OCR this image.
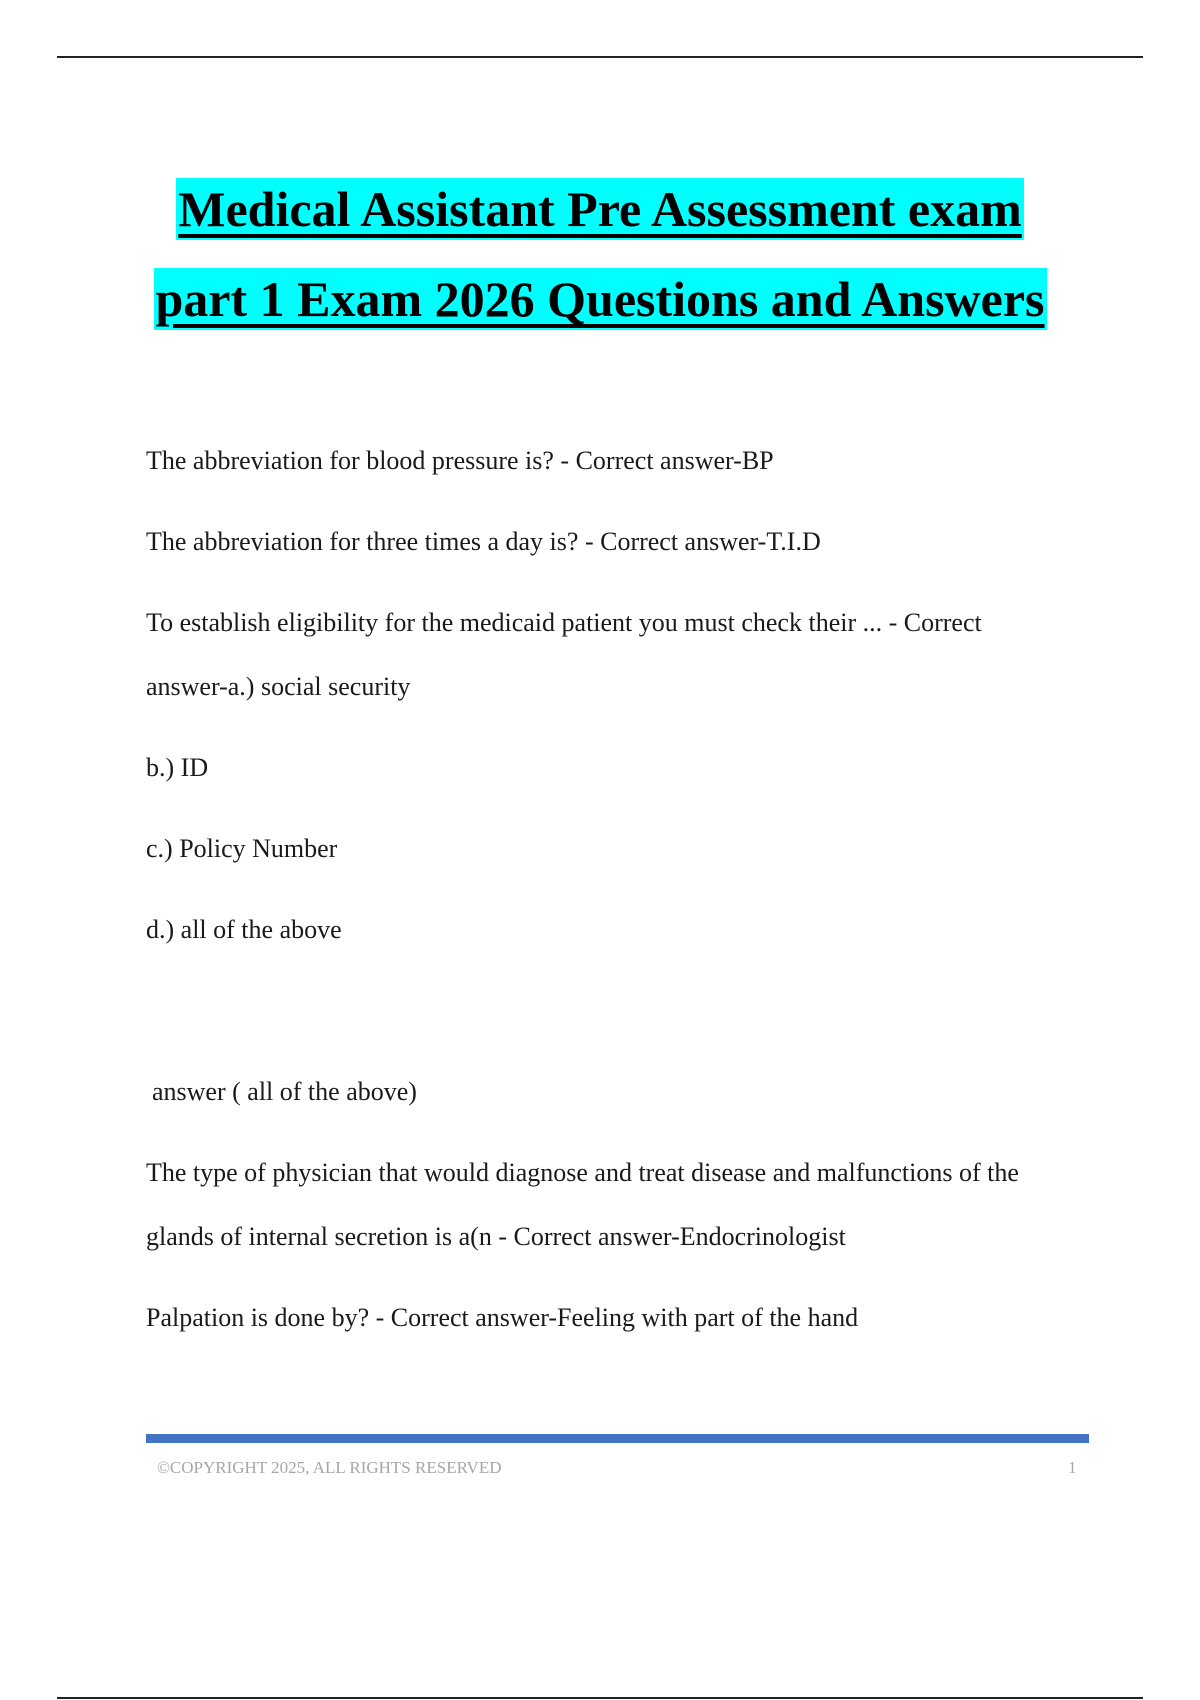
Medical Assistant Pre Assessment exam
part 1 Exam 2026 Questions and Answers

The abbreviation for blood pressure is? - Correct answer-BP

The abbreviation for three times a day is? - Correct answer-T.I.D

To establish eligibility for the medicaid patient you must check their ... - Correct answer-a.) social security

b.) ID

c.) Policy Number

d.) all of the above

answer ( all of the above)

The type of physician that would diagnose and treat disease and malfunctions of the glands of internal secretion is a(n - Correct answer-Endocrinologist

Palpation is done by? - Correct answer-Feeling with part of the hand

©COPYRIGHT 2025, ALL RIGHTS RESERVED	1
